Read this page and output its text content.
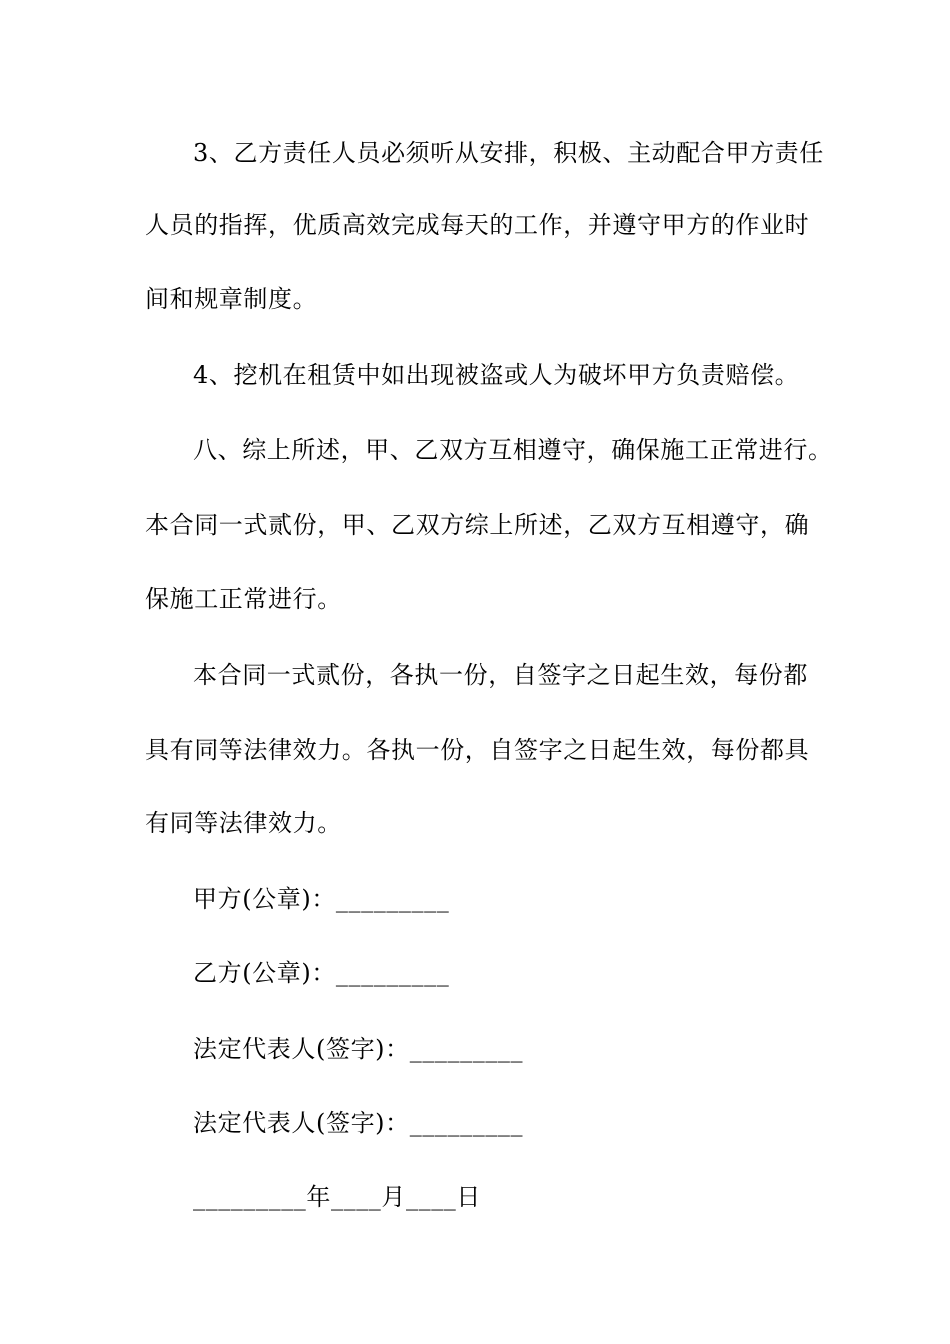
3、乙方责任人员必须听从安排，积极、主动配合甲方责任
人员的指挥，优质高效完成每天的工作，并遵守甲方的作业时
间和规章制度。
4、挖机在租赁中如出现被盗或人为破坏甲方负责赔偿。
八、综上所述，甲、乙双方互相遵守，确保施工正常进行。
本合同一式贰份，甲、乙双方综上所述，乙双方互相遵守，确
保施工正常进行。
本合同一式贰份，各执一份，自签字之日起生效，每份都
具有同等法律效力。各执一份，自签字之日起生效，每份都具
有同等法律效力。
甲方(公章)：_________
乙方(公章)：_________
法定代表人(签字)：_________
法定代表人(签字)：_________
_________年____月____日
